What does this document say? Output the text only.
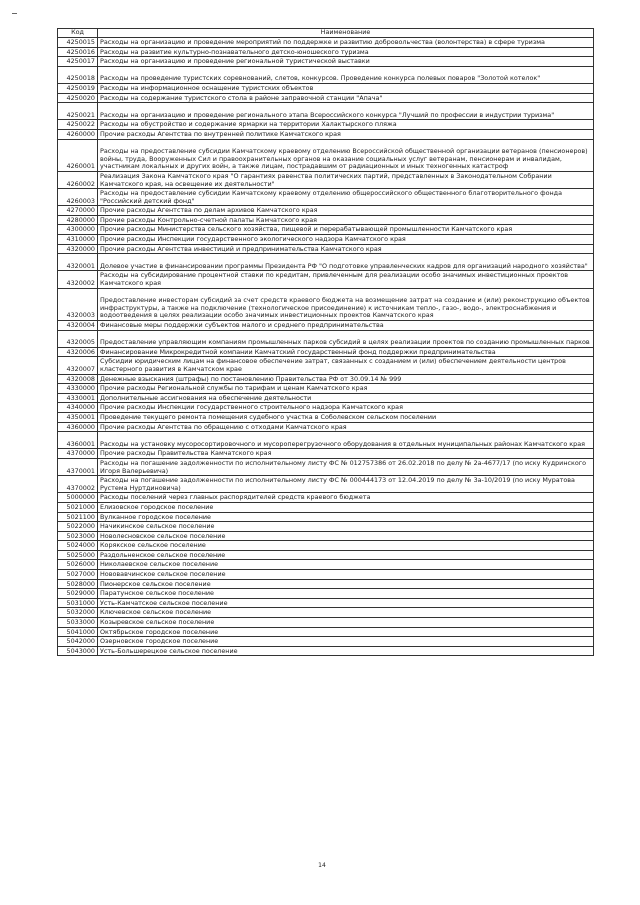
Код	Наименование
4250015	Расходы на организацию и проведение мероприятий по поддержке и развитию добровольчества (волонтерства) в сфере туризма
4250016	Расходы на развитие культурно-познавательного детско-юношеского туризма
4250017	Расходы на организацию и проведение региональной туристической выставки
4250018	Расходы на проведение туристских соревнований, слетов, конкурсов. Проведение конкурса полевых поваров "Золотой котелок"
4250019	Расходы на информационное оснащение туристских объектов
4250020	Расходы на содержание туристского стола в районе заправочной станции "Апача"
4250021	Расходы на организацию и проведение регионального этапа Всероссийского конкурса "Лучший по профессии в индустрии туризма"
4250022	Расходы на обустройство и содержание ярмарки на территории Халактырского пляжа
4260000	Прочие расходы Агентства по внутренней политике Камчатского края
4260001	Расходы на предоставление субсидии Камчатскому краевому отделению Всероссийской общественной организации ветеранов (пенсионеров) войны, труда, Вооруженных Сил и правоохранительных органов на оказание социальных услуг ветеранам, пенсионерам и инвалидам, участникам локальных и других войн, а также лицам, пострадавшим от радиационных и иных техногенных катастроф
4260002	Реализация Закона Камчатского края "О гарантиях равенства политических партий, представленных в Законодательном Собрании Камчатского края, на освещение их деятельности"
4260003	Расходы на предоставление субсидии Камчатскому краевому отделению общероссийского общественного благотворительного фонда "Российский детский фонд"
4270000	Прочие расходы Агентства по делам архивов Камчатского края
4280000	Прочие расходы Контрольно-счетной палаты Камчатского края
4300000	Прочие расходы Министерства сельского хозяйства, пищевой и перерабатывающей промышленности Камчатского края
4310000	Прочие расходы Инспекции государственного экологического надзора Камчатского края
4320000	Прочие расходы Агентства инвестиций и предпринимательства Камчатского края
4320001	Долевое участие в финансировании программы Президента РФ "О подготовке управленческих кадров для организаций народного хозяйства"
4320002	Расходы на субсидирование процентной ставки по кредитам, привлеченным для реализации особо значимых инвестиционных проектов Камчатского края
4320003	Предоставление инвесторам субсидий за счет средств краевого бюджета на возмещение затрат на создание и (или) реконструкцию объектов инфраструктуры, а также на подключение (технологическое присоединение) к источникам тепло-, газо-, водо-, электроснабжения и водоотведения в целях реализации особо значимых инвестиционных проектов Камчатского края
4320004	Финансовые меры поддержки субъектов малого и среднего предпринимательства
4320005	Предоставление управляющим компаниям промышленных парков субсидий в целях реализации проектов по созданию промышленных парков
4320006	Финансирование Микрокредитной компании Камчатский государственный фонд поддержки предпринимательства
4320007	Субсидии юридическим лицам на финансовое обеспечение затрат, связанных с созданием и (или) обеспечением деятельности центров кластерного развития в Камчатском крае
4320008	Денежные взыскания (штрафы) по постановлению Правительства РФ от 30.09.14 № 999
4330000	Прочие расходы Региональной службы по тарифам и ценам Камчатского края
4330001	Дополнительные ассигнования на обеспечение деятельности
4340000	Прочие расходы Инспекции государственного строительного надзора Камчатского края
4350001	Проведение текущего ремонта помещения судебного участка в Соболевском сельском поселении
4360000	Прочие расходы Агентства по обращению с отходами Камчатского края
4360001	Расходы на установку мусоросортировочного и мусороперегрузочного оборудования в отдельных муниципальных районах Камчатского края
4370000	Прочие расходы Правительства Камчатского края
4370001	Расходы на погашение задолженности по исполнительному листу ФС № 012757386 от 26.02.2018 по делу № 2а-4677/17 (по иску Кудринского Игоря Валерьевича)
4370002	Расходы на погашение задолженности по исполнительному листу ФС № 000444173 от 12.04.2019 по делу № 3а-10/2019 (по иску Муратова Рустема Нуртдиновича)
5000000	Расходы поселений через главных распорядителей средств краевого бюджета
5021000	Елизовское городское поселение
5021100	Вулканное городское поселение
5022000	Начикинское сельское поселение
5023000	Новолесновское сельское поселение
5024000	Корякское сельское поселение
5025000	Раздольненское сельское поселение
5026000	Николаевское сельское поселение
5027000	Нововавчинское сельское поселение
5028000	Пионерское сельское поселение
5029000	Паратунское сельское поселение
5031000	Усть-Камчатское сельское поселение
5032000	Ключевское сельское поселение
5033000	Козыревское сельское поселение
5041000	Октябрьское городское поселение
5042000	Озерновское городское поселение
5043000	Усть-Большерецкое сельское поселение
14
